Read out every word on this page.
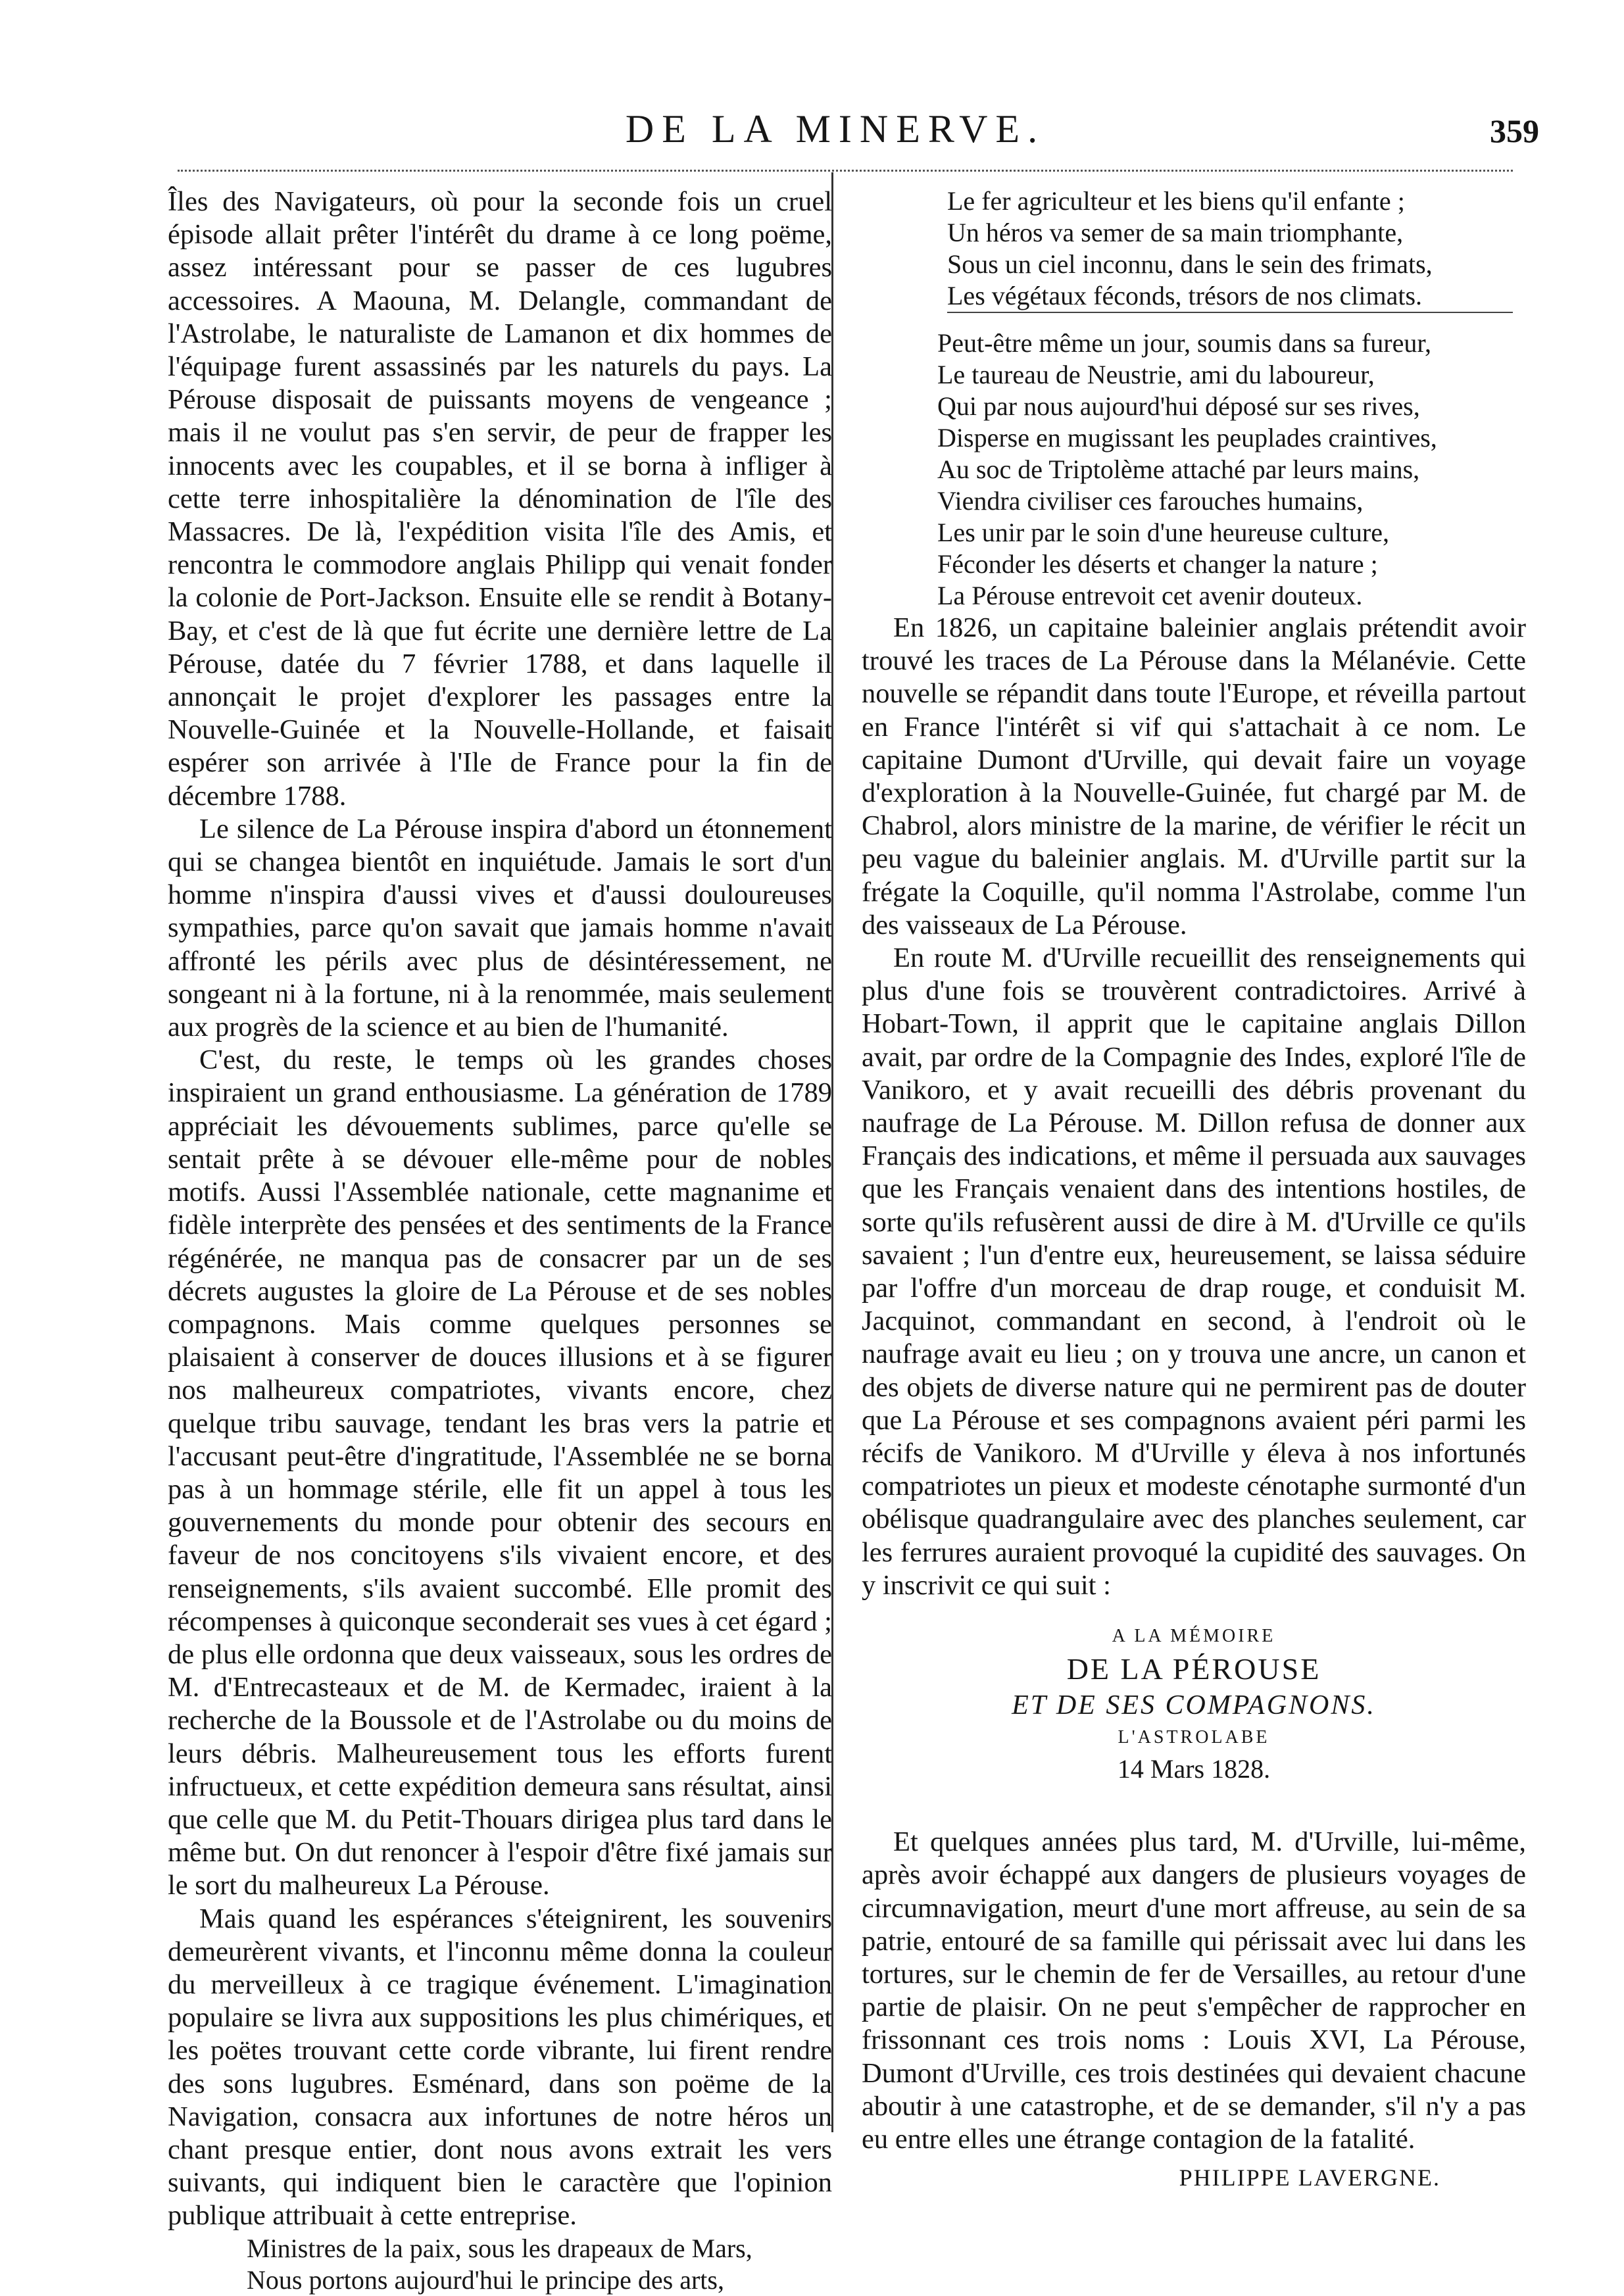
DE LA MINERVE.	359

Îles des Navigateurs, où pour la seconde fois un cruel épisode allait prêter l'intérêt du drame à ce long poëme, assez intéressant pour se passer de ces lugubres accessoires. A Maouna, M. Delangle, commandant de l'Astrolabe, le naturaliste de Lamanon et dix hommes de l'équipage furent assassinés par les naturels du pays. La Pérouse disposait de puissants moyens de vengeance ; mais il ne voulut pas s'en servir, de peur de frapper les innocents avec les coupables, et il se borna à infliger à cette terre inhospitalière la dénomination de l'île des Massacres. De là, l'expédition visita l'île des Amis, et rencontra le commodore anglais Philipp qui venait fonder la colonie de Port-Jackson. Ensuite elle se rendit à Botany-Bay, et c'est de là que fut écrite une dernière lettre de La Pérouse, datée du 7 février 1788, et dans laquelle il annonçait le projet d'explorer les passages entre la Nouvelle-Guinée et la Nouvelle-Hollande, et faisait espérer son arrivée à l'Ile de France pour la fin de décembre 1788.

Le silence de La Pérouse inspira d'abord un étonnement qui se changea bientôt en inquiétude. Jamais le sort d'un homme n'inspira d'aussi vives et d'aussi douloureuses sympathies, parce qu'on savait que jamais homme n'avait affronté les périls avec plus de désintéressement, ne songeant ni à la fortune, ni à la renommée, mais seulement aux progrès de la science et au bien de l'humanité.

C'est, du reste, le temps où les grandes choses inspiraient un grand enthousiasme. La génération de 1789 appréciait les dévouements sublimes, parce qu'elle se sentait prête à se dévouer elle-même pour de nobles motifs. Aussi l'Assemblée nationale, cette magnanime et fidèle interprète des pensées et des sentiments de la France régénérée, ne manqua pas de consacrer par un de ses décrets augustes la gloire de La Pérouse et de ses nobles compagnons. Mais comme quelques personnes se plaisaient à conserver de douces illusions et à se figurer nos malheureux compatriotes, vivants encore, chez quelque tribu sauvage, tendant les bras vers la patrie et l'accusant peut-être d'ingratitude, l'Assemblée ne se borna pas à un hommage stérile, elle fit un appel à tous les gouvernements du monde pour obtenir des secours en faveur de nos concitoyens s'ils vivaient encore, et des renseignements, s'ils avaient succombé. Elle promit des récompenses à quiconque seconderait ses vues à cet égard ; de plus elle ordonna que deux vaisseaux, sous les ordres de M. d'Entrecasteaux et de M. de Kermadec, iraient à la recherche de la Boussole et de l'Astrolabe ou du moins de leurs débris. Malheureusement tous les efforts furent infructueux, et cette expédition demeura sans résultat, ainsi que celle que M. du Petit-Thouars dirigea plus tard dans le même but. On dut renoncer à l'espoir d'être fixé jamais sur le sort du malheureux La Pérouse.

Mais quand les espérances s'éteignirent, les souvenirs demeurèrent vivants, et l'inconnu même donna la couleur du merveilleux à ce tragique événement. L'imagination populaire se livra aux suppositions les plus chimériques, et les poëtes trouvant cette corde vibrante, lui firent rendre des sons lugubres. Esménard, dans son poëme de la Navigation, consacra aux infortunes de notre héros un chant presque entier, dont nous avons extrait les vers suivants, qui indiquent bien le caractère que l'opinion publique attribuait à cette entreprise.

Ministres de la paix, sous les drapeaux de Mars,
Nous portons aujourd'hui le principe des arts,
Le fer agriculteur et les biens qu'il enfante ;
Un héros va semer de sa main triomphante,
Sous un ciel inconnu, dans le sein des frimats,
Les végétaux féconds, trésors de nos climats.
Peut-être même un jour, soumis dans sa fureur,
Le taureau de Neustrie, ami du laboureur,
Qui par nous aujourd'hui déposé sur ses rives,
Disperse en mugissant les peuplades craintives,
Au soc de Triptolème attaché par leurs mains,
Viendra civiliser ces farouches humains,
Les unir par le soin d'une heureuse culture,
Féconder les déserts et changer la nature ;
La Pérouse entrevoit cet avenir douteux.

En 1826, un capitaine baleinier anglais prétendit avoir trouvé les traces de La Pérouse dans la Mélanévie. Cette nouvelle se répandit dans toute l'Europe, et réveilla partout en France l'intérêt si vif qui s'attachait à ce nom. Le capitaine Dumont d'Urville, qui devait faire un voyage d'exploration à la Nouvelle-Guinée, fut chargé par M. de Chabrol, alors ministre de la marine, de vérifier le récit un peu vague du baleinier anglais. M. d'Urville partit sur la frégate la Coquille, qu'il nomma l'Astrolabe, comme l'un des vaisseaux de La Pérouse.

En route M. d'Urville recueillit des renseignements qui plus d'une fois se trouvèrent contradictoires. Arrivé à Hobart-Town, il apprit que le capitaine anglais Dillon avait, par ordre de la Compagnie des Indes, exploré l'île de Vanikoro, et y avait recueilli des débris provenant du naufrage de La Pérouse. M. Dillon refusa de donner aux Français des indications, et même il persuada aux sauvages que les Français venaient dans des intentions hostiles, de sorte qu'ils refusèrent aussi de dire à M. d'Urville ce qu'ils savaient ; l'un d'entre eux, heureusement, se laissa séduire par l'offre d'un morceau de drap rouge, et conduisit M. Jacquinot, commandant en second, à l'endroit où le naufrage avait eu lieu ; on y trouva une ancre, un canon et des objets de diverse nature qui ne permirent pas de douter que La Pérouse et ses compagnons avaient péri parmi les récifs de Vanikoro. M d'Urville y éleva à nos infortunés compatriotes un pieux et modeste cénotaphe surmonté d'un obélisque quadrangulaire avec des planches seulement, car les ferrures auraient provoqué la cupidité des sauvages. On y inscrivit ce qui suit :

A LA MÉMOIRE
DE LA PÉROUSE
ET DE SES COMPAGNONS.
L'ASTROLABE
14 Mars 1828.

Et quelques années plus tard, M. d'Urville, lui-même, après avoir échappé aux dangers de plusieurs voyages de circumnavigation, meurt d'une mort affreuse, au sein de sa patrie, entouré de sa famille qui périssait avec lui dans les tortures, sur le chemin de fer de Versailles, au retour d'une partie de plaisir. On ne peut s'empêcher de rapprocher en frissonnant ces trois noms : Louis XVI, La Pérouse, Dumont d'Urville, ces trois destinées qui devaient chacune aboutir à une catastrophe, et de se demander, s'il n'y a pas eu entre elles une étrange contagion de la fatalité.

PHILIPPE LAVERGNE.
